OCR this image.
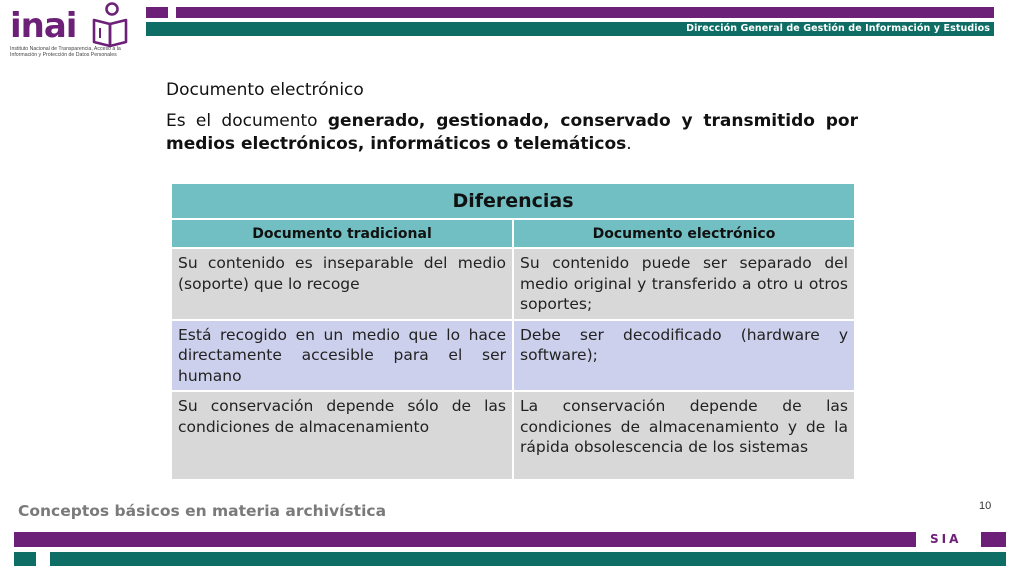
inai
Instituto Nacional de Transparencia, Acceso a la
Información y Protección de Datos Personales
Dirección General de Gestión de Información y Estudios
Documento electrónico
Es el documento generado, gestionado, conservado y transmitido por medios electrónicos, informáticos o telemáticos.
Diferencias	
Documento tradicional	Documento electrónico
Su contenido es inseparable del medio (soporte) que lo recoge	Su contenido puede ser separado del medio original y transferido a otro u otros soportes;
Está recogido en un medio que lo hace directamente accesible para el ser humano	Debe ser decodificado (hardware y software);
Su conservación depende sólo de las condiciones de almacenamiento	La conservación depende de las condiciones de almacenamiento y de la rápida obsolescencia de los sistemas
Conceptos básicos en materia archivística	10
SIA
